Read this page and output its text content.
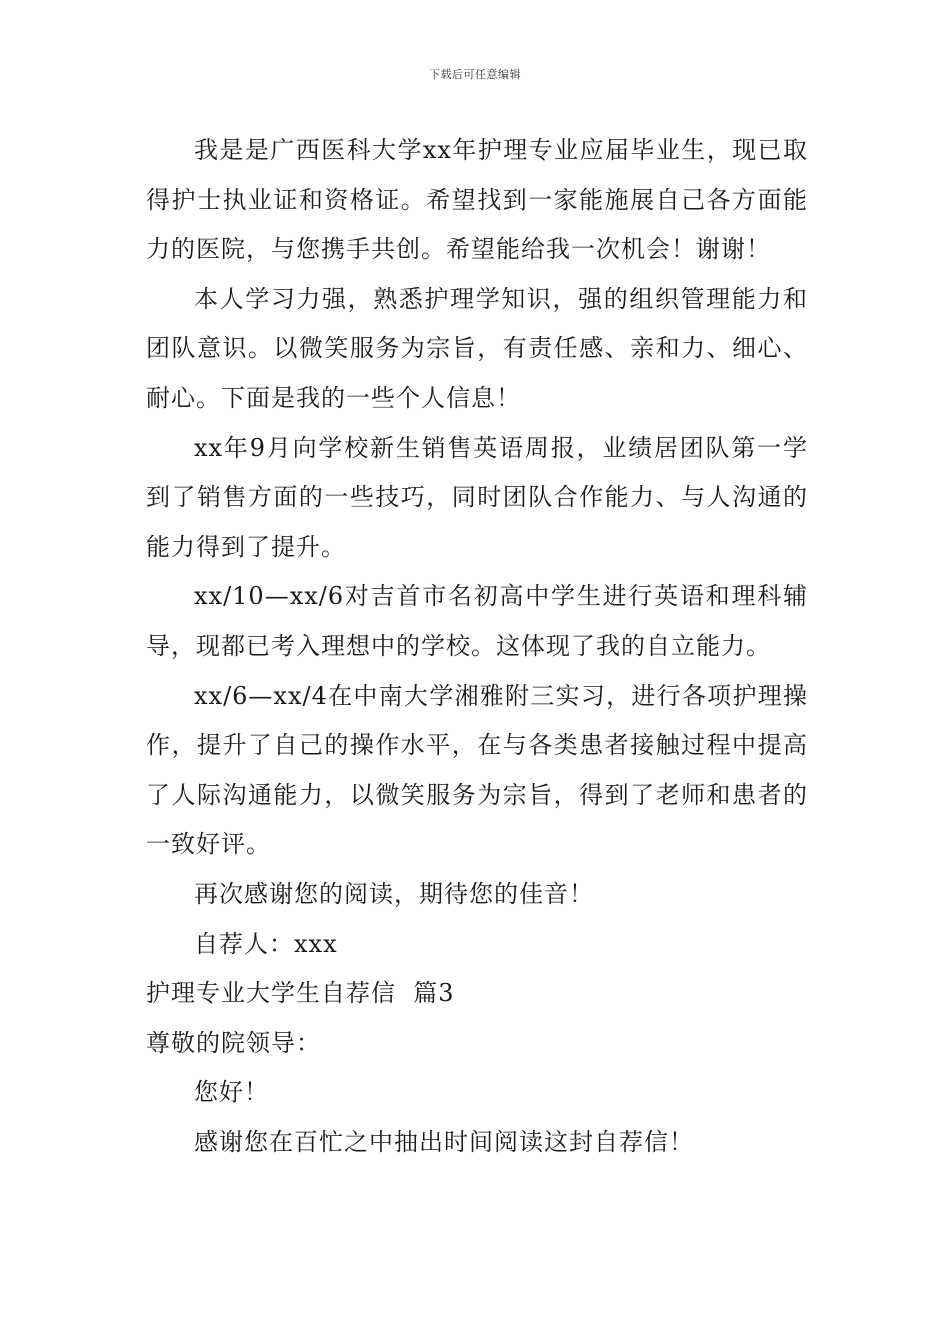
下载后可任意编辑

我是是广西医科大学xx年护理专业应届毕业生，现已取得护士执业证和资格证。希望找到一家能施展自己各方面能力的医院，与您携手共创。希望能给我一次机会！谢谢！

本人学习力强，熟悉护理学知识，强的组织管理能力和团队意识。以微笑服务为宗旨，有责任感、亲和力、细心、耐心。下面是我的一些个人信息！

xx年9月向学校新生销售英语周报，业绩居团队第一学到了销售方面的一些技巧，同时团队合作能力、与人沟通的能力得到了提升。

xx/10—xx/6对吉首市名初高中学生进行英语和理科辅导，现都已考入理想中的学校。这体现了我的自立能力。

xx/6—xx/4在中南大学湘雅附三实习，进行各项护理操作，提升了自己的操作水平，在与各类患者接触过程中提高了人际沟通能力，以微笑服务为宗旨，得到了老师和患者的一致好评。

再次感谢您的阅读，期待您的佳音！

自荐人：xxx

护理专业大学生自荐信  篇3

尊敬的院领导：

您好！

感谢您在百忙之中抽出时间阅读这封自荐信！
